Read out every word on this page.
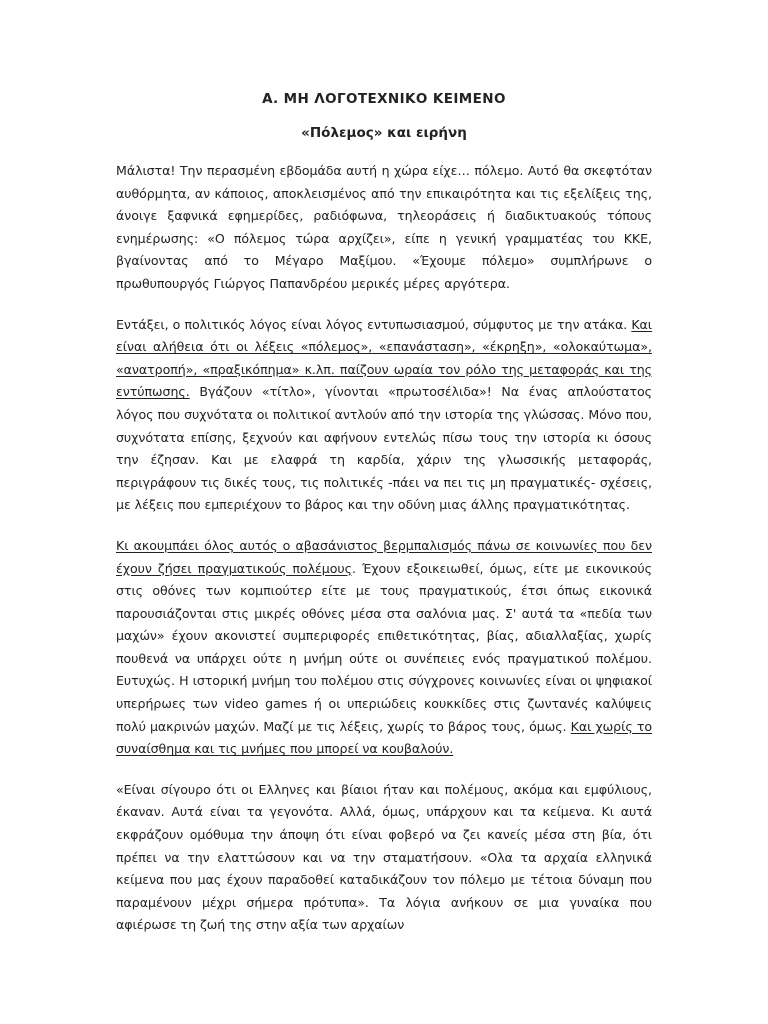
Α. ΜΗ ΛΟΓΟΤΕΧΝΙΚΟ ΚΕΙΜΕΝΟ
«Πόλεμος» και ειρήνη

Μάλιστα! Την περασμένη εβδομάδα αυτή η χώρα είχε… πόλεμο. Αυτό θα σκεφτόταν αυθόρμητα, αν κάποιος, αποκλεισμένος από την επικαιρότητα και τις εξελίξεις της, άνοιγε ξαφνικά εφημερίδες, ραδιόφωνα, τηλεοράσεις ή διαδικτυακούς τόπους ενημέρωσης: «Ο πόλεμος τώρα αρχίζει», είπε η γενική γραμματέας του ΚΚΕ, βγαίνοντας από το Μέγαρο Μαξίμου. «Έχουμε πόλεμο» συμπλήρωνε ο πρωθυπουργός Γιώργος Παπανδρέου μερικές μέρες αργότερα.

Εντάξει, ο πολιτικός λόγος είναι λόγος εντυπωσιασμού, σύμφυτος με την ατάκα. Και είναι αλήθεια ότι οι λέξεις «πόλεμος», «επανάσταση», «έκρηξη», «ολοκαύτωμα», «ανατροπή», «πραξικόπημα» κ.λπ. παίζουν ωραία τον ρόλο της μεταφοράς και της εντύπωσης. Βγάζουν «τίτλο», γίνονται «πρωτοσέλιδα»! Να ένας απλούστατος λόγος που συχνότατα οι πολιτικοί αντλούν από την ιστορία της γλώσσας. Μόνο που, συχνότατα επίσης, ξεχνούν και αφήνουν εντελώς πίσω τους την ιστορία κι όσους την έζησαν. Και με ελαφρά τη καρδία, χάριν της γλωσσικής μεταφοράς, περιγράφουν τις δικές τους, τις πολιτικές -πάει να πει τις μη πραγματικές- σχέσεις, με λέξεις που εμπεριέχουν το βάρος και την οδύνη μιας άλλης πραγματικότητας.

Κι ακουμπάει όλος αυτός ο αβασάνιστος βερμπαλισμός πάνω σε κοινωνίες που δεν έχουν ζήσει πραγματικούς πολέμους. Έχουν εξοικειωθεί, όμως, είτε με εικονικούς στις οθόνες των κομπιούτερ είτε με τους πραγματικούς, έτσι όπως εικονικά παρουσιάζονται στις μικρές οθόνες μέσα στα σαλόνια μας. Σ' αυτά τα «πεδία των μαχών» έχουν ακονιστεί συμπεριφορές επιθετικότητας, βίας, αδιαλλαξίας, χωρίς πουθενά να υπάρχει ούτε η μνήμη ούτε οι συνέπειες ενός πραγματικού πολέμου. Ευτυχώς. Η ιστορική μνήμη του πολέμου στις σύγχρονες κοινωνίες είναι οι ψηφιακοί υπερήρωες των video games ή οι υπεριώδεις κουκκίδες στις ζωντανές καλύψεις πολύ μακρινών μαχών. Μαζί με τις λέξεις, χωρίς το βάρος τους, όμως. Και χωρίς το συναίσθημα και τις μνήμες που μπορεί να κουβαλούν.

«Είναι σίγουρο ότι οι Ελληνες και βίαιοι ήταν και πολέμους, ακόμα και εμφύλιους, έκαναν. Αυτά είναι τα γεγονότα. Αλλά, όμως, υπάρχουν και τα κείμενα. Κι αυτά εκφράζουν ομόθυμα την άποψη ότι είναι φοβερό να ζει κανείς μέσα στη βία, ότι πρέπει να την ελαττώσουν και να την σταματήσουν. «Ολα τα αρχαία ελληνικά κείμενα που μας έχουν παραδοθεί καταδικάζουν τον πόλεμο με τέτοια δύναμη που παραμένουν μέχρι σήμερα πρότυπα». Τα λόγια ανήκουν σε μια γυναίκα που αφιέρωσε τη ζωή της στην αξία των αρχαίων
